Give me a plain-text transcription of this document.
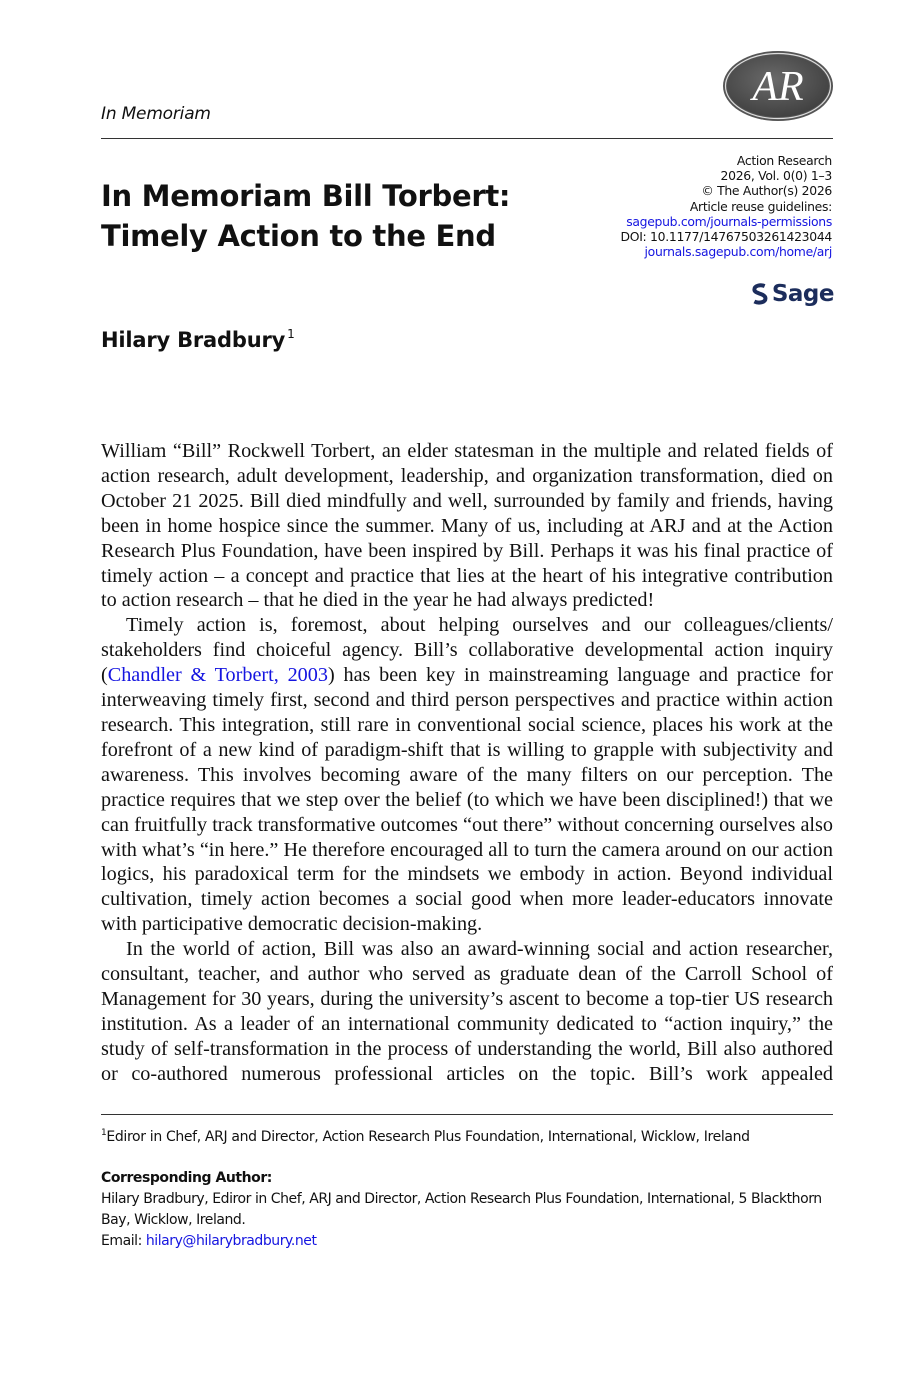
In Memoriam
AR
In Memoriam Bill Torbert:
Timely Action to the End
Action Research
2026, Vol. 0(0) 1–3
© The Author(s) 2026
Article reuse guidelines:
sagepub.com/journals-permissions
DOI: 10.1177/14767503261423044
journals.sagepub.com/home/arj
Sage
Hilary Bradbury $^1$

William “Bill” Rockwell Torbert, an elder statesman in the multiple and related fields of action research, adult development, leadership, and organization transformation, died on October 21 2025. Bill died mindfully and well, surrounded by family and friends, having been in home hospice since the summer. Many of us, including at ARJ and at the Action Research Plus Foundation, have been inspired by Bill. Perhaps it was his final practice of timely action – a concept and practice that lies at the heart of his integrative contribution to action research – that he died in the year he had always predicted!

Timely action is, foremost, about helping ourselves and our colleagues/clients/ stakeholders find choiceful agency. Bill’s collaborative developmental action inquiry (Chandler & Torbert, 2003) has been key in mainstreaming language and practice for interweaving timely first, second and third person perspectives and practice within action research. This integration, still rare in conventional social science, places his work at the forefront of a new kind of paradigm-shift that is willing to grapple with subjectivity and awareness. This involves becoming aware of the many filters on our perception. The practice requires that we step over the belief (to which we have been disciplined!) that we can fruitfully track transformative outcomes “out there” without concerning ourselves also with what’s “in here.” He therefore encouraged all to turn the camera around on our action logics, his paradoxical term for the mindsets we embody in action. Beyond individual cultivation, timely action becomes a social good when more leader-educators innovate with participative democratic decision-making.

In the world of action, Bill was also an award-winning social and action researcher, consultant, teacher, and author who served as graduate dean of the Carroll School of Management for 30 years, during the university’s ascent to become a top-tier US research institution. As a leader of an international community dedicated to “action inquiry,” the study of self-transformation in the process of understanding the world, Bill also authored or co-authored numerous professional articles on the topic. Bill’s work appealed

$^1$Ediror in Chef, ARJ and Director, Action Research Plus Foundation, International, Wicklow, Ireland
Corresponding Author:
Hilary Bradbury, Ediror in Chef, ARJ and Director, Action Research Plus Foundation, International, 5 Blackthorn Bay, Wicklow, Ireland.
Email: hilary@hilarybradbury.net
